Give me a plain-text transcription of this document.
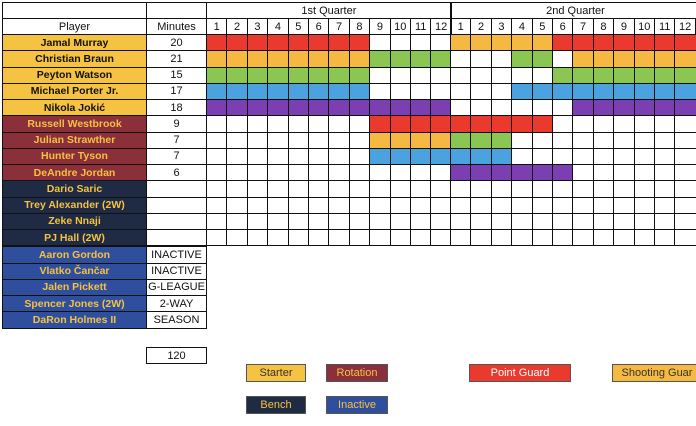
1st Quarter	2nd Quarter
Player	Minutes	1	2	3	4	5	6	7	8	9	10 11 12 1	2	3	4	5	6	7	8	9	10 11 12
Jamal Murray	20
Christian Braun	21
Peyton Watson	15
Michael Porter Jr.	17
Nikola Jokić	18
Russell Westbrook	9
Julian Strawther	7
Hunter Tyson	7
DeAndre Jordan	6
Dario Saric
Trey Alexander (2W)
Zeke Nnaji
PJ Hall (2W)
Aaron Gordon	INACTIVE
Vlatko Čančar	INACTIVE
Jalen Pickett	G-LEAGUE
Spencer Jones (2W)	2-WAY
DaRon Holmes II	SEASON
120
Starter	Rotation	Point Guard	Shooting Guar
Bench	Inactive
